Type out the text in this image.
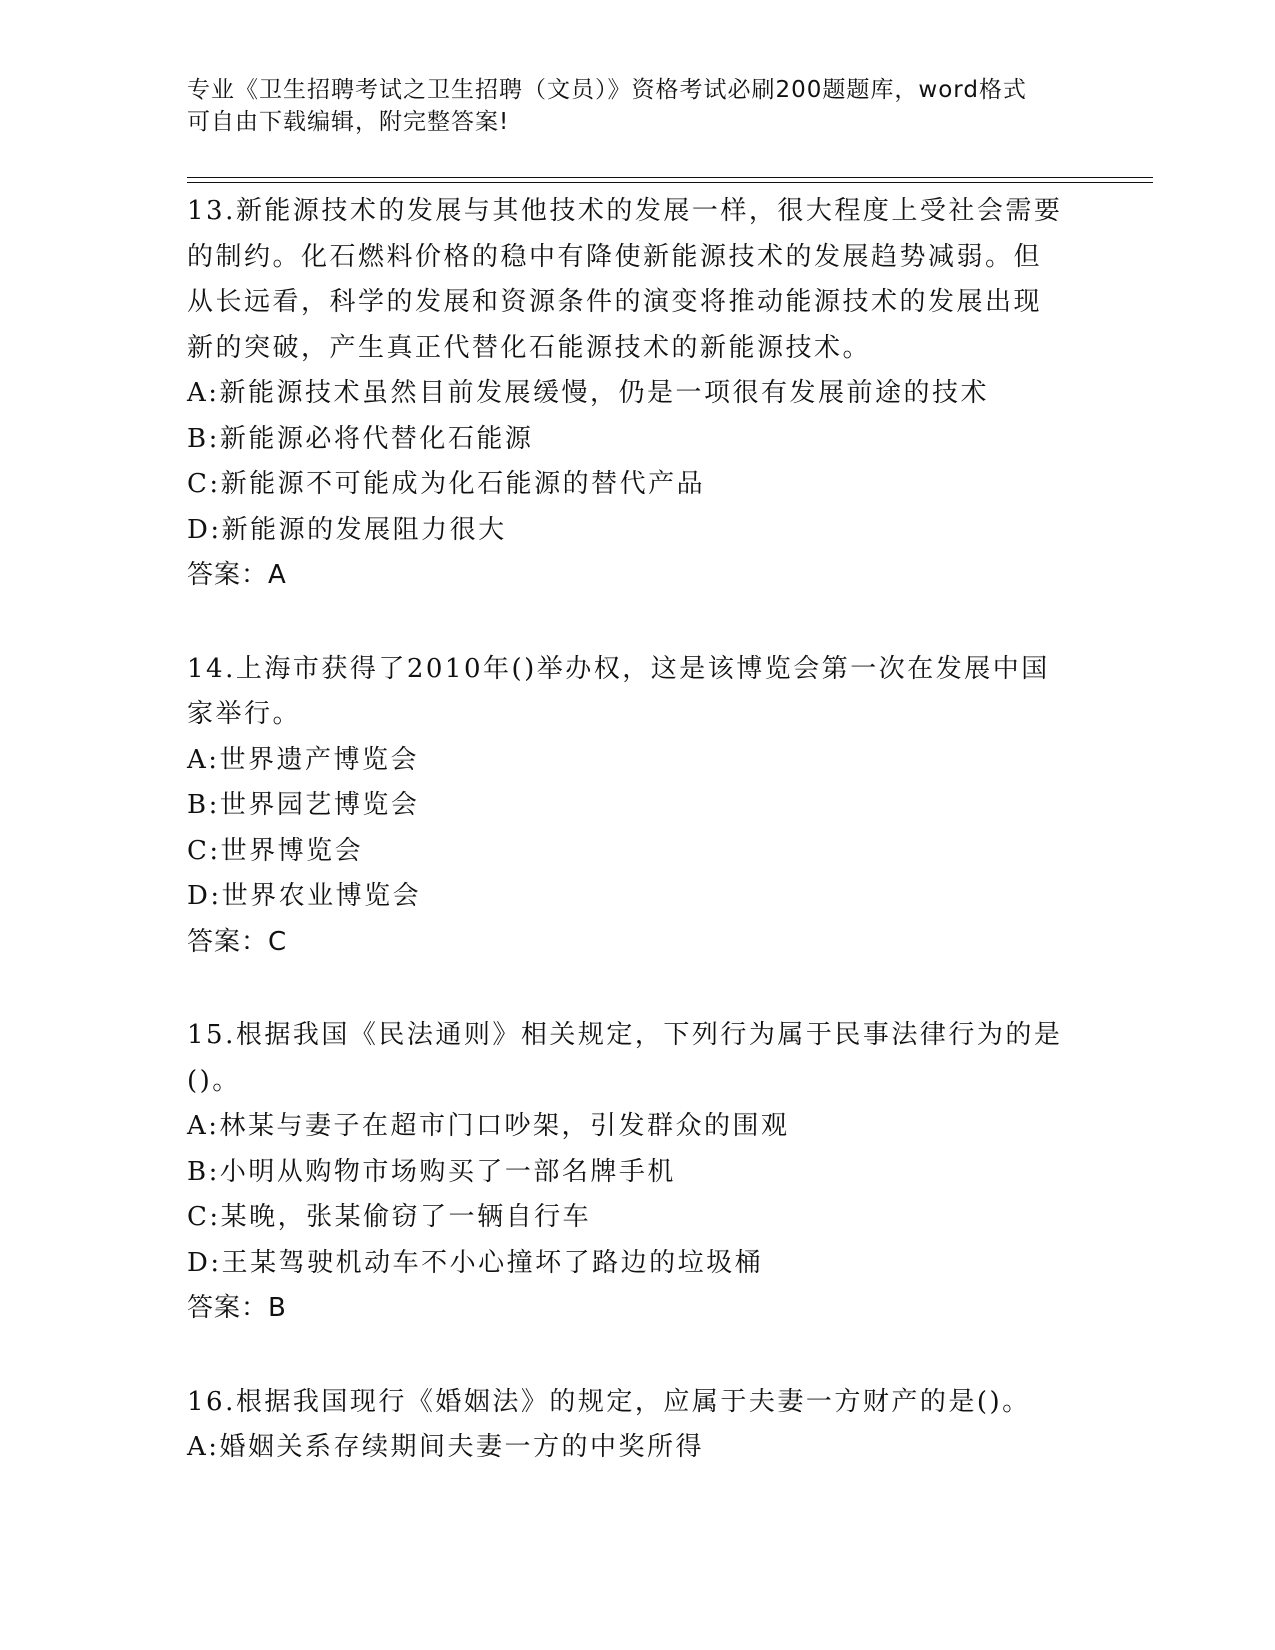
专业《卫生招聘考试之卫生招聘（文员）》资格考试必刷200题题库，word格式
可自由下载编辑，附完整答案!
13.新能源技术的发展与其他技术的发展一样，很大程度上受社会需要
的制约。化石燃料价格的稳中有降使新能源技术的发展趋势减弱。但
从长远看，科学的发展和资源条件的演变将推动能源技术的发展出现
新的突破，产生真正代替化石能源技术的新能源技术。
A:新能源技术虽然目前发展缓慢，仍是一项很有发展前途的技术
B:新能源必将代替化石能源
C:新能源不可能成为化石能源的替代产品
D:新能源的发展阻力很大
答案：A
14.上海市获得了2010年()举办权，这是该博览会第一次在发展中国
家举行。
A:世界遗产博览会
B:世界园艺博览会
C:世界博览会
D:世界农业博览会
答案：C
15.根据我国《民法通则》相关规定，下列行为属于民事法律行为的是
()。
A:林某与妻子在超市门口吵架，引发群众的围观
B:小明从购物市场购买了一部名牌手机
C:某晚，张某偷窃了一辆自行车
D:王某驾驶机动车不小心撞坏了路边的垃圾桶
答案：B
16.根据我国现行《婚姻法》的规定，应属于夫妻一方财产的是()。
A:婚姻关系存续期间夫妻一方的中奖所得
